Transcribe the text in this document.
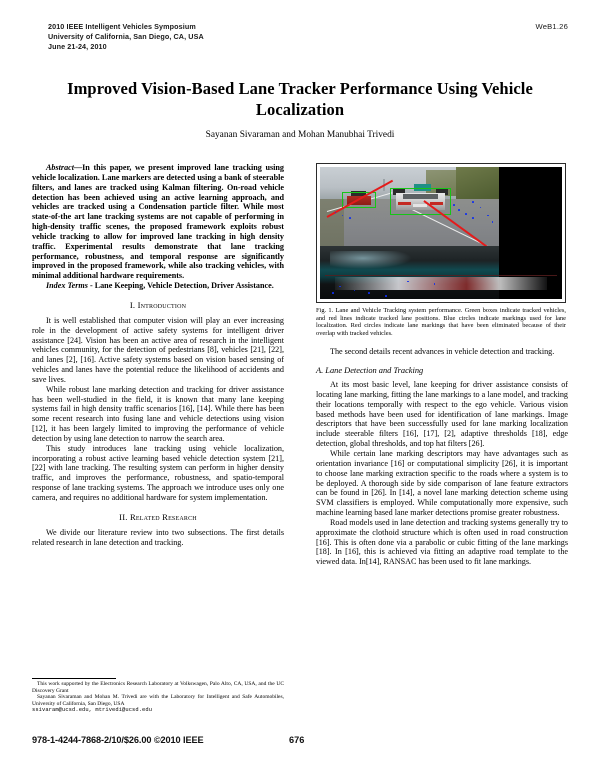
2010 IEEE Intelligent Vehicles Symposium
University of California, San Diego, CA, USA
June 21-24, 2010
WeB1.26
Improved Vision-Based Lane Tracker Performance Using Vehicle Localization
Sayanan Sivaraman and Mohan Manubhai Trivedi

Abstract—In this paper, we present improved lane tracking using vehicle localization. Lane markers are detected using a bank of steerable filters, and lanes are tracked using Kalman filtering. On-road vehicle detection has been achieved using an active learning approach, and vehicles are tracked using a Condensation particle filter. While most state-of-the art lane tracking systems are not capable of performing in high-density traffic scenes, the proposed framework exploits robust vehicle tracking to allow for improved lane tracking in high density traffic. Experimental results demonstrate that lane tracking performance, robustness, and temporal response are significantly improved in the proposed framework, while also tracking vehicles, with minimal additional hardware requirements.

Index Terms - Lane Keeping, Vehicle Detection, Driver Assistance.

I. Introduction

It is well established that computer vision will play an ever increasing role in the development of active safety systems for intelligent driver assistance [24]. Vision has been an active area of research in the intelligent vehicles community, for the detection of pedestrians [8], vehicles [21], [22], and lanes [2], [16]. Active safety systems based on vision based sensing of vehicles and lanes have the potential reduce the likelihood of accidents and save lives.

While robust lane marking detection and tracking for driver assistance has been well-studied in the field, it is known that many lane keeping systems fail in high density traffic scenarios [16], [14]. While there has been some recent research into fusing lane and vehicle detections using vision [12], it has been largely limited to improving the performance of vehicle detection by using lane detection to narrow the search area.

This study introduces lane tracking using vehicle localization, incorporating a robust active learning based vehicle detection system [21], [22] with lane tracking. The resulting system can perform in higher density traffic, and improves the performance, robustness, and spatio-temporal response of lane tracking systems. The approach we introduce uses only one camera, and requires no additional hardware for system implementation.

II. Related Research

We divide our literature review into two subsections. The first details related research in lane detection and tracking.

Fig. 1. Lane and Vehicle Tracking system performance. Green boxes indicate tracked vehicles, and red lines indicate tracked lane positions. Blue circles indicate markings used for lane localization. Red circles indicate lane markings that have been eliminated because of their overlap with tracked vehicles.

The second details recent advances in vehicle detection and tracking.

A. Lane Detection and Tracking

At its most basic level, lane keeping for driver assistance consists of locating lane marking, fitting the lane markings to a lane model, and tracking their locations temporally with respect to the ego vehicle. Various vision based methods have been used for identification of lane markings. Image descriptors that have been successfully used for lane marking localization include steerable filters [16], [17], [2], adaptive thresholds [18], edge detection, global thresholds, and top hat filters [26].

While certain lane marking descriptors may have advantages such as orientation invariance [16] or computational simplicity [26], it is important to choose lane marking extraction specific to the roads where a system is to be deployed. A thorough side by side comparison of lane feature extractors can be found in [26]. In [14], a novel lane marking detection scheme using SVM classifiers is employed. While computationally more expensive, such machine learning based lane marker detections promise greater robustness.

Road models used in lane detection and tracking systems generally try to approximate the clothoid structure which is often used in road construction [16]. This is often done via a parabolic or cubic fitting of the lane markings [18]. In [16], this is achieved via fitting an adaptive road template to the viewed data. In[14], RANSAC has been used to fit lane markings.

This work supported by the Electronics Research Laboratory at Volkswagen, Palo Alto, CA, USA, and the UC Discovery Grant

Sayanan Sivaraman and Mohan M. Trivedi are with the Laboratory for Intelligent and Safe Automobiles, University of California, San Diego, USA

ssivaram@ucsd.edu, mtrivedi@ucsd.edu

978-1-4244-7868-2/10/$26.00 ©2010 IEEE	676
